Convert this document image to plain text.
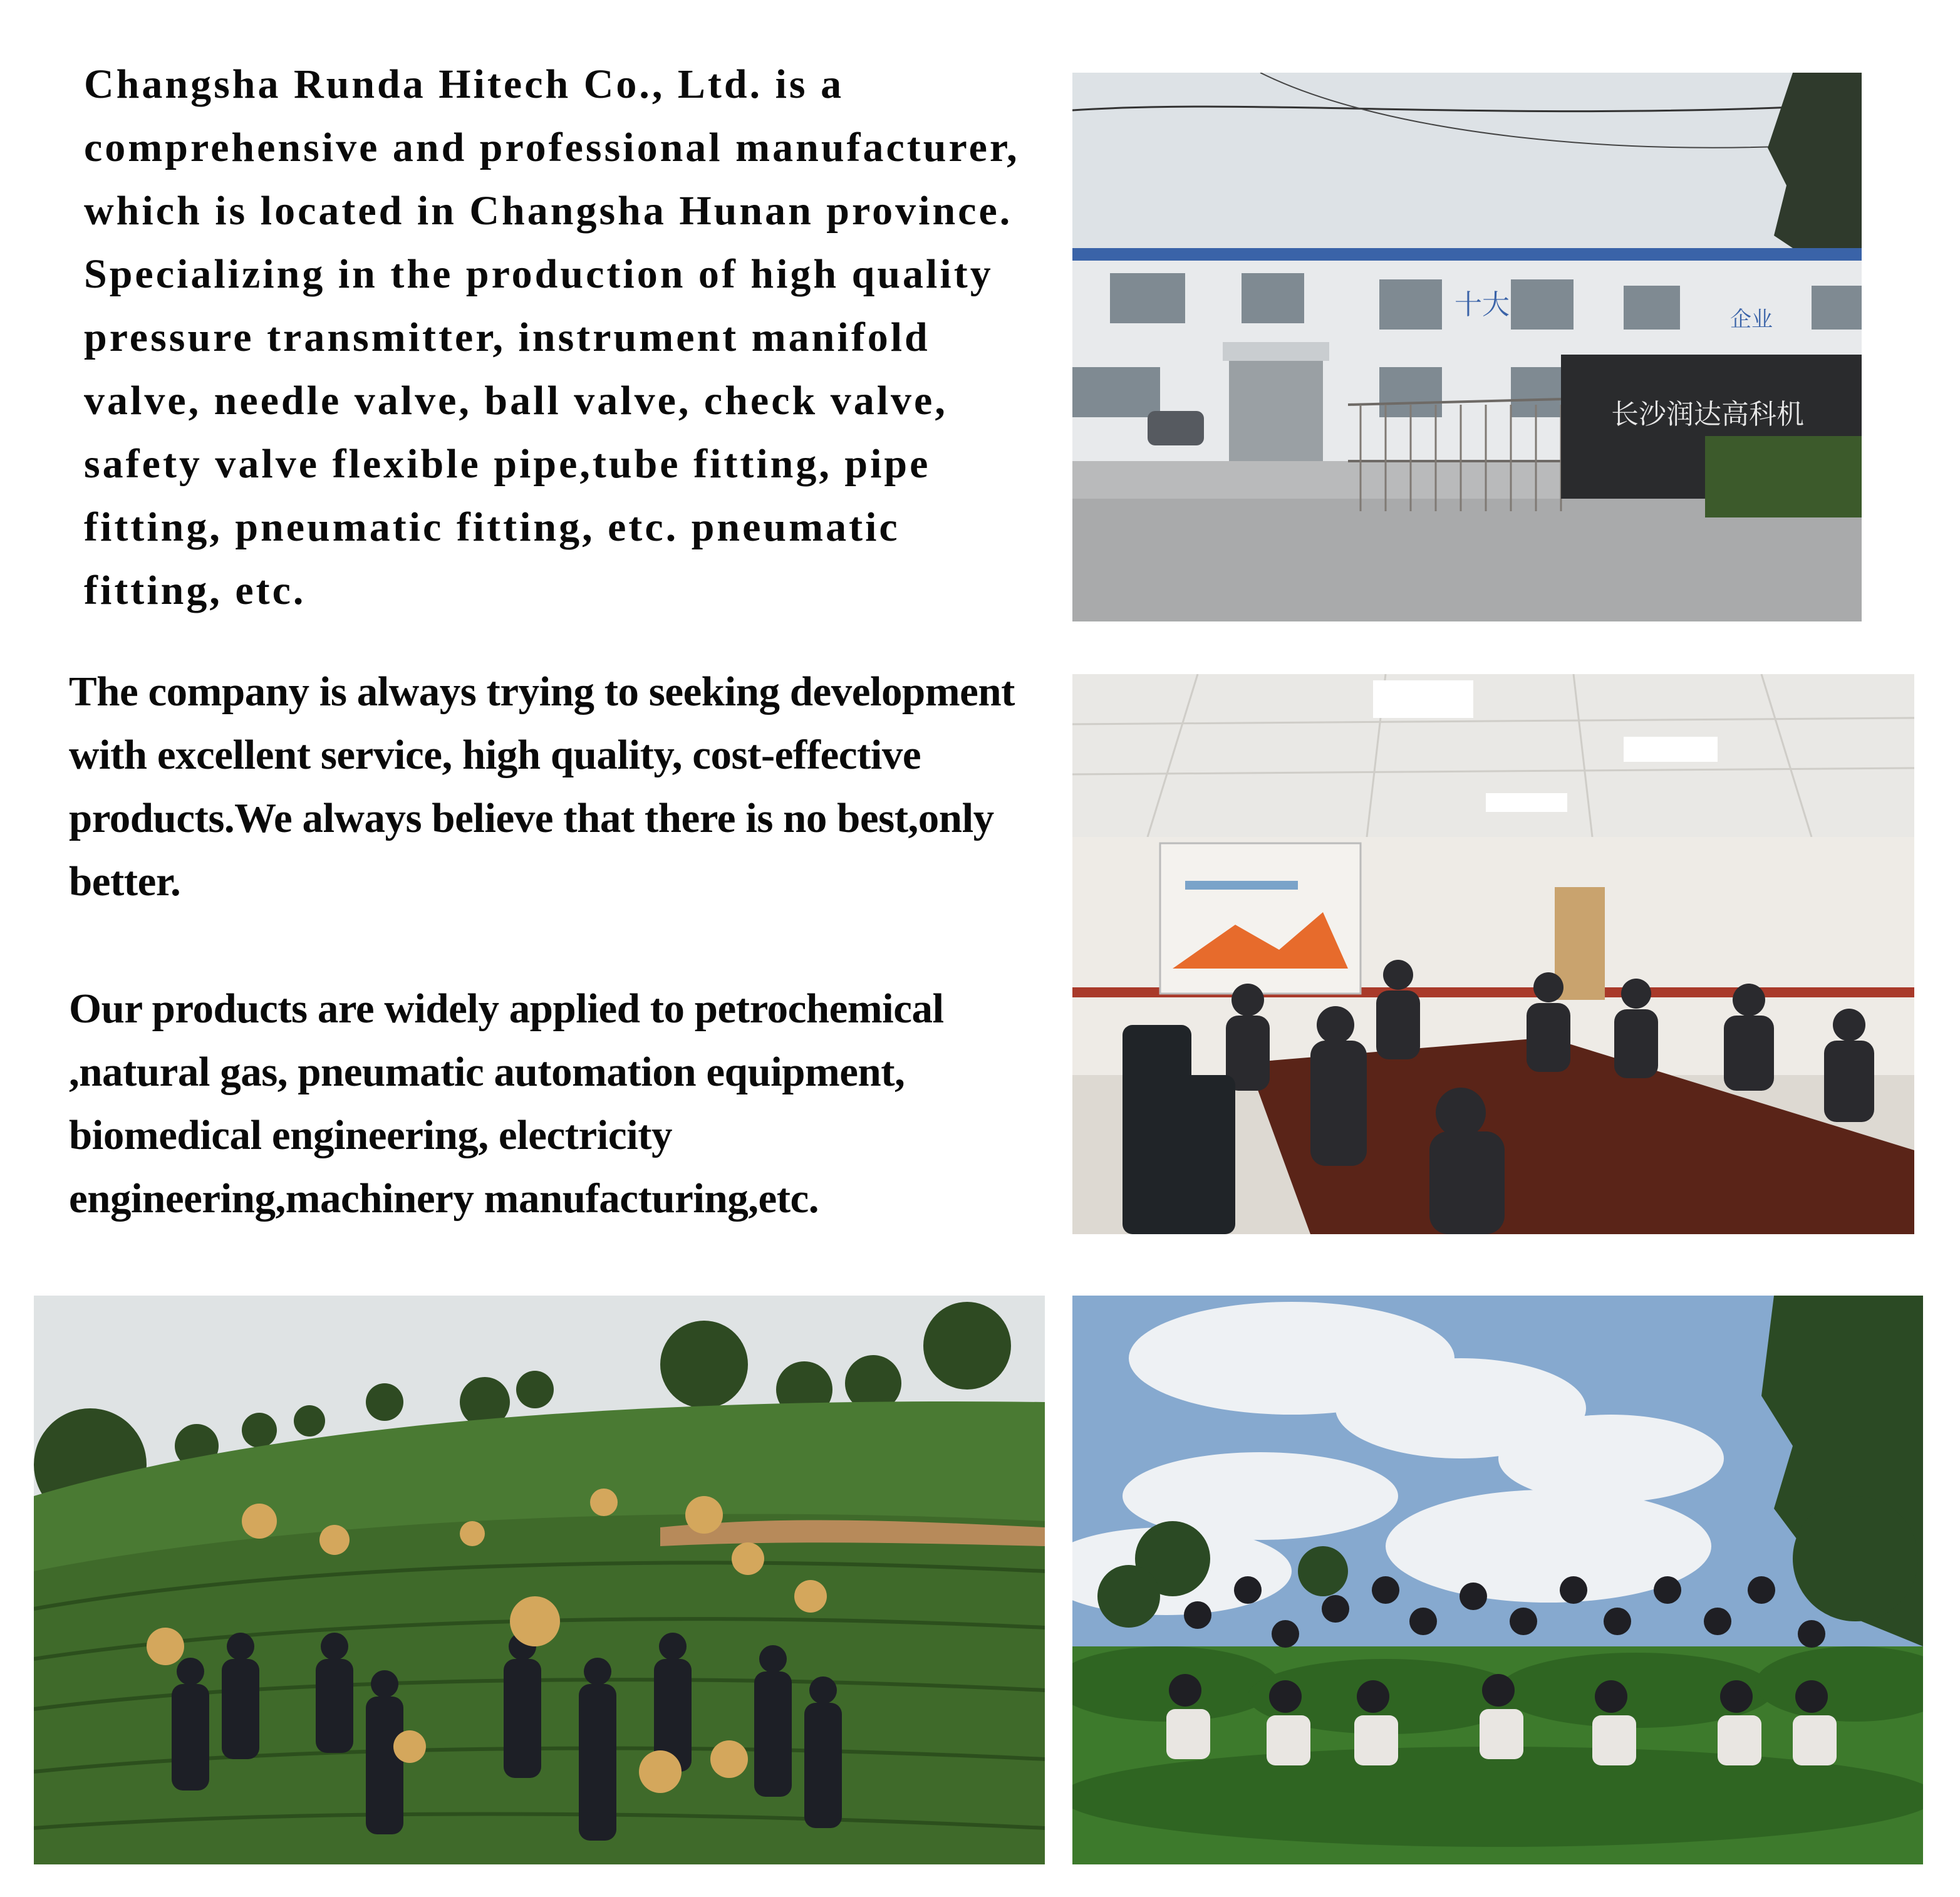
Changsha Runda Hitech Co., Ltd. is a comprehensive and professional manufacturer, which is located in Changsha Hunan province. Specializing in the production of high quality pressure transmitter, instrument manifold valve, needle valve, ball valve, check valve, safety valve flexible pipe,tube fitting, pipe fitting, pneumatic fitting, etc. pneumatic fitting, etc.

The company is always trying to seeking development with excellent service, high quality, cost-effective products.We always believe that there is no best,only better.

Our products are widely applied to petrochemical ,natural gas, pneumatic automation equipment, biomedical engineering, electricity engineering,machinery manufacturing,etc.

十大	企业
长沙润达高科机
